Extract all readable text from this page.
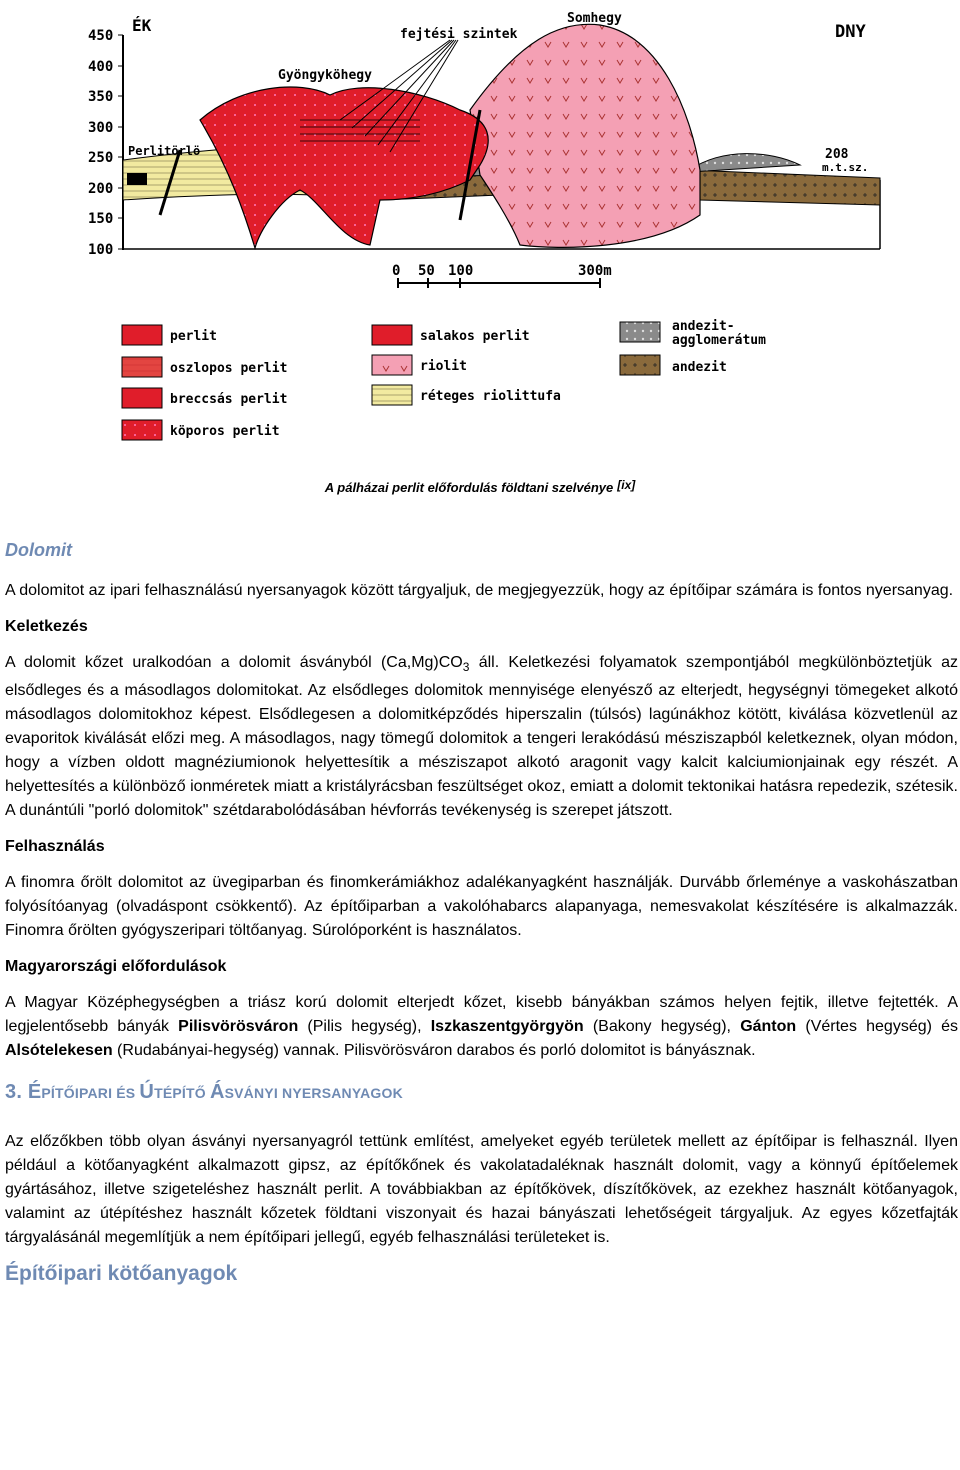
450
400
350
300
250
200
150
100
0 50 100	300m
ÉK	DNY
Somhegy
fejtési szintek
Gyöngyköhegy
Perlitörlö	208
m.t.sz.
perlit
oszlopos perlit
breccsás perlit
köporos perlit
salakos perlit
riolit
réteges riolittufa
andezit-
agglomerátum
andezit
A pálházai perlit előfordulás földtani szelvénye [ix]
Dolomit

A dolomitot az ipari felhasználású nyersanyagok között tárgyaljuk, de megjegyezzük, hogy az építőipar számára is fontos nyersanyag.

Keletkezés

A dolomit kőzet uralkodóan a dolomit ásványból $(Ca,Mg)CO_3$ áll. Keletkezési folyamatok szempontjából megkülönböztetjük az elsődleges és a másodlagos dolomitokat. Az elsődleges dolomitok mennyisége elenyésző az elterjedt, hegységnyi tömegeket alkotó másodlagos dolomitokhoz képest. Elsődlegesen a dolomitképződés hiperszalin (túlsós) lagúnákhoz kötött, kiválása közvetlenül az evaporitok kiválását előzi meg. A másodlagos, nagy tömegű dolomitok a tengeri lerakódású mésziszapból keletkeznek, olyan módon, hogy a vízben oldott magnéziumionok helyettesítik a mésziszapot alkotó aragonit vagy kalcit kalciumionjainak egy részét. A helyettesítés a különböző ionméretek miatt a kristályrácsban feszültséget okoz, emiatt a dolomit tektonikai hatásra repedezik, szétesik. A dunántúli "porló dolomitok" szétdarabolódásában hévforrás tevékenység is szerepet játszott.

Felhasználás

A finomra őrölt dolomitot az üvegiparban és finomkerámiákhoz adalékanyagként használják. Durvább őrleménye a vaskohászatban folyósítóanyag (olvadáspont csökkentő). Az építőiparban a vakolóhabarcs alapanyaga, nemesvakolat készítésére is alkalmazzák. Finomra őrölten gyógyszeripari töltőanyag. Súrolóporként is használatos.

Magyarországi előfordulások

A Magyar Középhegységben a triász korú dolomit elterjedt kőzet, kisebb bányákban számos helyen fejtik, illetve fejtették. A legjelentősebb bányák Pilisvörösváron (Pilis hegység), Iszkaszentgyörgyön (Bakony hegység), Gánton (Vértes hegység) és Alsótelekesen (Rudabányai-hegység) vannak. Pilisvörösváron darabos és porló dolomitot is bányásznak.

3. ÉPÍTŐIPARI ÉS ÚTÉPÍTŐ ÁSVÁNYI NYERSANYAGOK

Az előzőkben több olyan ásványi nyersanyagról tettünk említést, amelyeket egyéb területek mellett az építőipar is felhasznál. Ilyen például a kötőanyagként alkalmazott gipsz, az építőkőnek és vakolatadaléknak használt dolomit, vagy a könnyű építőelemek gyártásához, illetve szigeteléshez használt perlit. A továbbiakban az építőkövek, díszítőkövek, az ezekhez használt kötőanyagok, valamint az útépítéshez használt kőzetek földtani viszonyait és hazai bányászati lehetőségeit tárgyaljuk. Az egyes kőzetfajták tárgyalásánál megemlítjük a nem építőipari jellegű, egyéb felhasználási területeket is.

Építőipari kötőanyagok
